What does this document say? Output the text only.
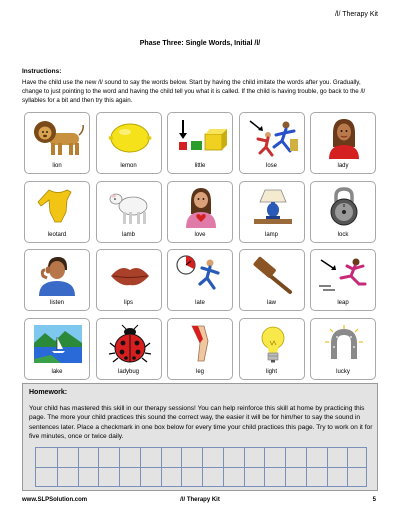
/l/ Therapy Kit
Phase Three: Single Words, Initial /l/
Instructions:
Have the child use the new /l/ sound to say the words below. Start by having the child imitate the words after you. Gradually, change to just pointing to the word and having the child tell you what it is called. If the child is having trouble, go back to the /l/ syllables for a bit and then try this again.
lion	lemon	little	lose	lady
leotard	lamb	love	lamp	lock
listen	lips	late	law	leap
lake	ladybug	leg	light	lucky
Homework:
Your child has mastered this skill in our therapy sessions! You can help reinforce this skill at home by practicing this page. The more your child practices this sound the correct way, the easier it will be for him/her to say the sound in sentences later. Place a checkmark in one box below for every time your child practices this page. Try to work on it for five minutes, once or twice daily.
www.SLPSolution.com	/l/ Therapy Kit	5
